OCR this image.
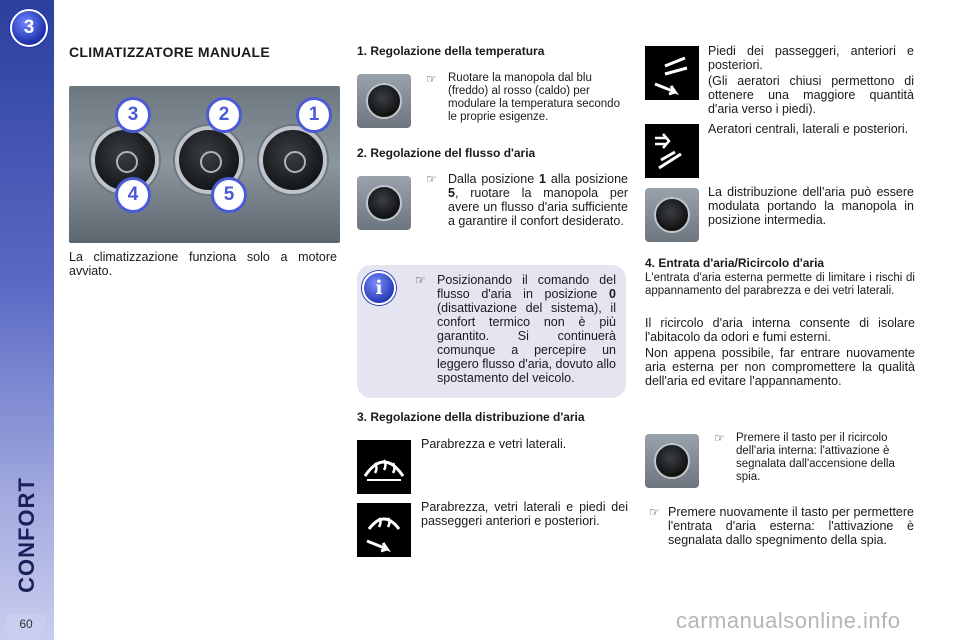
3
CONFORT
60
CLIMATIZZATORE MANUALE
3	2	1
4	5
La climatizzazione funziona solo a motore avviato.
1. Regolazione della temperatura
☞ Ruotare la manopola dal blu (freddo) al rosso (caldo) per modulare la temperatura secondo le proprie esigenze.
2. Regolazione del flusso d'aria
☞ Dalla posizione 1 alla posizione 5, ruotare la manopola per avere un flusso d'aria sufficiente a garantire il confort desiderato.
i	☞ Posizionando il comando del flusso d'aria in posizione 0 (disattivazione del sistema), il confort termico non è più garantito. Si continuerà comunque a percepire un leggero flusso d'aria, dovuto allo spostamento del veicolo.
3. Regolazione della distribuzione d'aria
Parabrezza e vetri laterali.
Parabrezza, vetri laterali e piedi dei passeggeri anteriori e posteriori.
Piedi dei passeggeri, anteriori e posteriori.
(Gli aeratori chiusi permettono di ottenere una maggiore quantità d'aria verso i piedi).
Aeratori centrali, laterali e posteriori.
La distribuzione dell'aria può essere modulata portando la manopola in posizione intermedia.
4. Entrata d'aria/Ricircolo d'aria
L'entrata d'aria esterna permette di limitare i rischi di appannamento del parabrezza e dei vetri laterali.
Il ricircolo d'aria interna consente di isolare l'abitacolo da odori e fumi esterni.
Non appena possibile, far entrare nuovamente aria esterna per non compromettere la qualità dell'aria ed evitare l'appannamento.
☞ Premere il tasto per il ricircolo dell'aria interna: l'attivazione è segnalata dall'accensione della spia.
☞ Premere nuovamente il tasto per permettere l'entrata d'aria esterna: l'attivazione è segnalata dallo spegnimento della spia.
carmanualsonline.info
